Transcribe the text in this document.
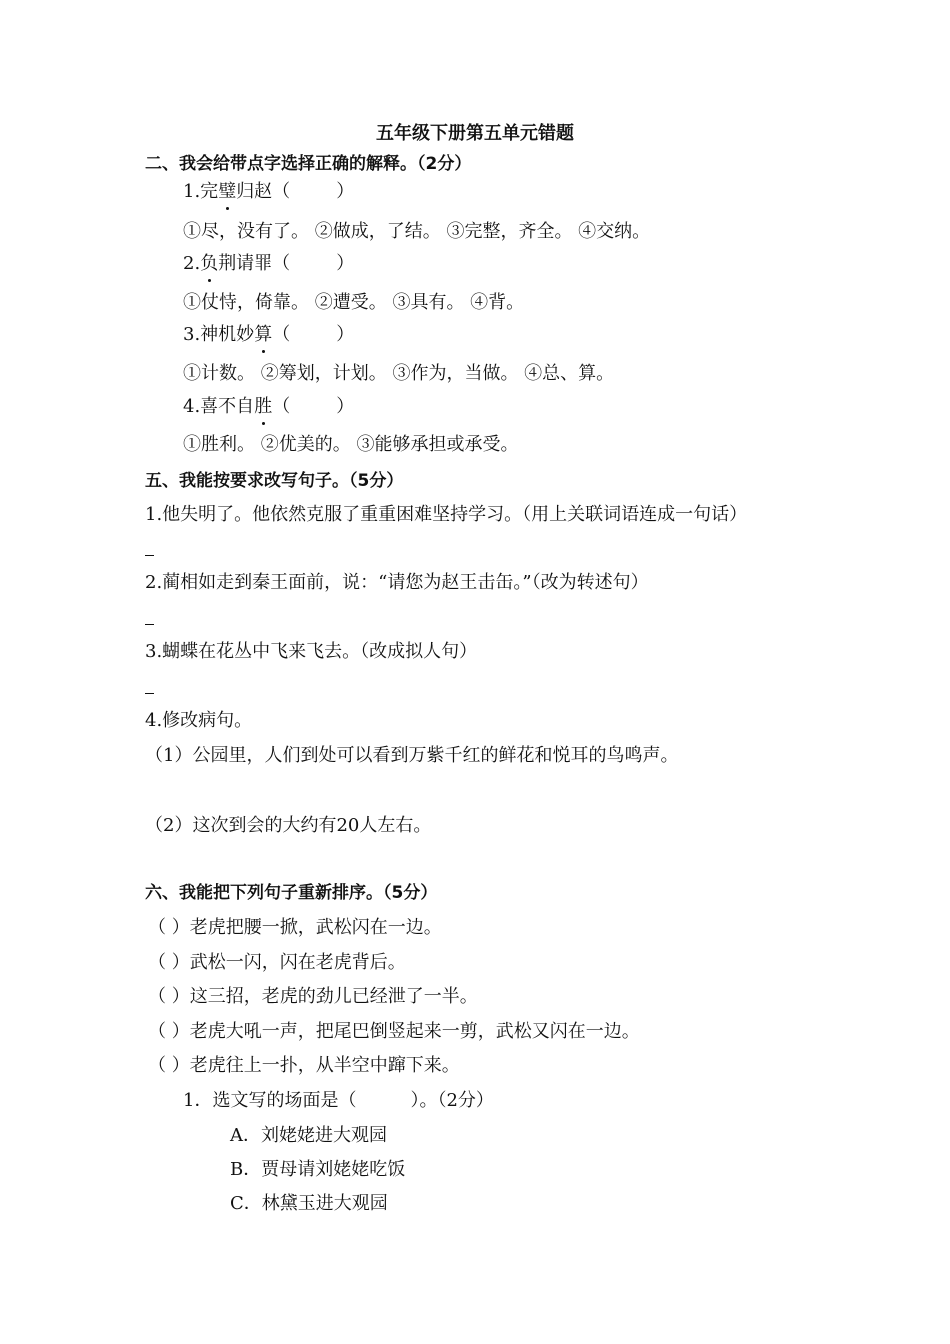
五年级下册第五单元错题
二、我会给带点字选择正确的解释。（2分）
1.完璧归赵（	）
①尽，没有了。 ②做成，了结。 ③完整，齐全。 ④交纳。
2.负荆请罪（	）
①仗恃，倚靠。 ②遭受。 ③具有。 ④背。
3.神机妙算（	）
①计数。 ②筹划，计划。 ③作为，当做。 ④总、算。
4.喜不自胜（	）
①胜利。 ②优美的。 ③能够承担或承受。
五、我能按要求改写句子。（5分）
1.他失明了。他依然克服了重重困难坚持学习。（用上关联词语连成一句话）
2.蔺相如走到秦王面前，说：“请您为赵王击缶。”（改为转述句）
3.蝴蝶在花丛中飞来飞去。（改成拟人句）
4.修改病句。
（1）公园里，人们到处可以看到万紫千红的鲜花和悦耳的鸟鸣声。
（2）这次到会的大约有20人左右。
六、我能把下列句子重新排序。（5分）
（ ）老虎把腰一掀，武松闪在一边。
（ ）武松一闪，闪在老虎背后。
（ ）这三招，老虎的劲儿已经泄了一半。
（ ）老虎大吼一声，把尾巴倒竖起来一剪，武松又闪在一边。
（ ）老虎往上一扑，从半空中蹿下来。
1．选文写的场面是（　　　）。（2分）
A．刘姥姥进大观园
B．贾母请刘姥姥吃饭
C．林黛玉进大观园
